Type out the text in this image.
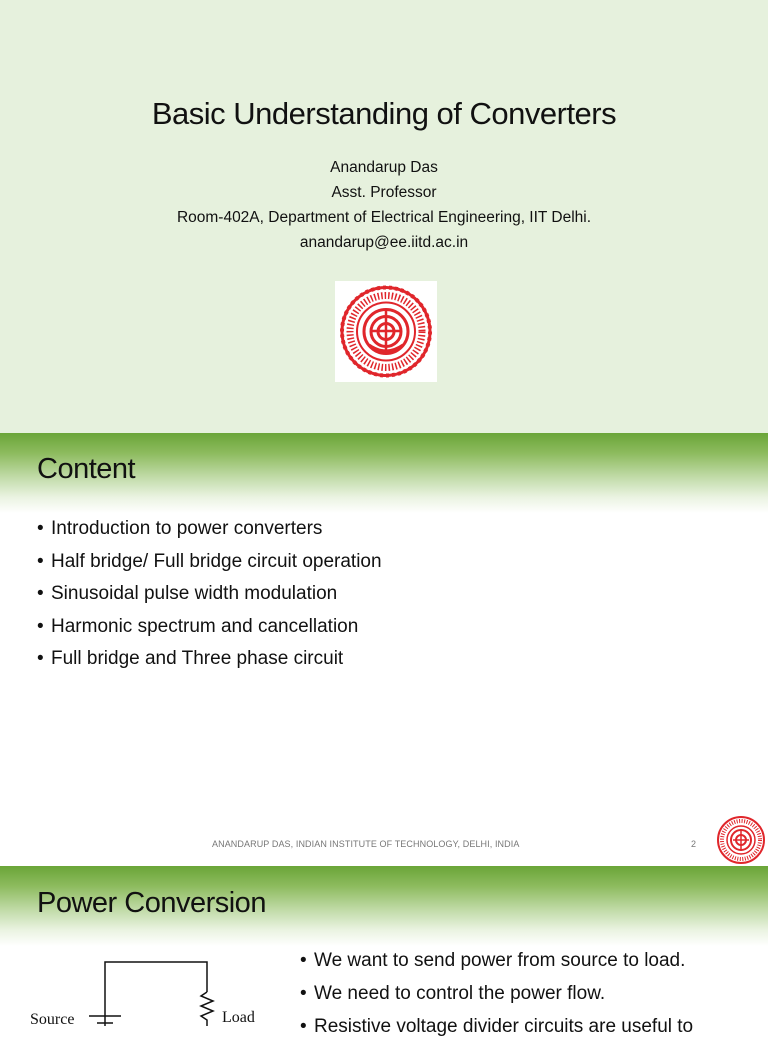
Basic Understanding of Converters
Anandarup Das
Asst. Professor
Room-402A, Department of Electrical Engineering, IIT Delhi.
anandarup@ee.iitd.ac.in
Content
• Introduction to power converters
• Half bridge/ Full bridge circuit operation
• Sinusoidal pulse width modulation
• Harmonic spectrum and cancellation
• Full bridge and Three phase circuit
ANANDARUP DAS, INDIAN INSTITUTE OF TECHNOLOGY, DELHI, INDIA	2
Power Conversion
Source	Load
• We want to send power from source to load.
• We need to control the power flow.
• Resistive voltage divider circuits are useful to
